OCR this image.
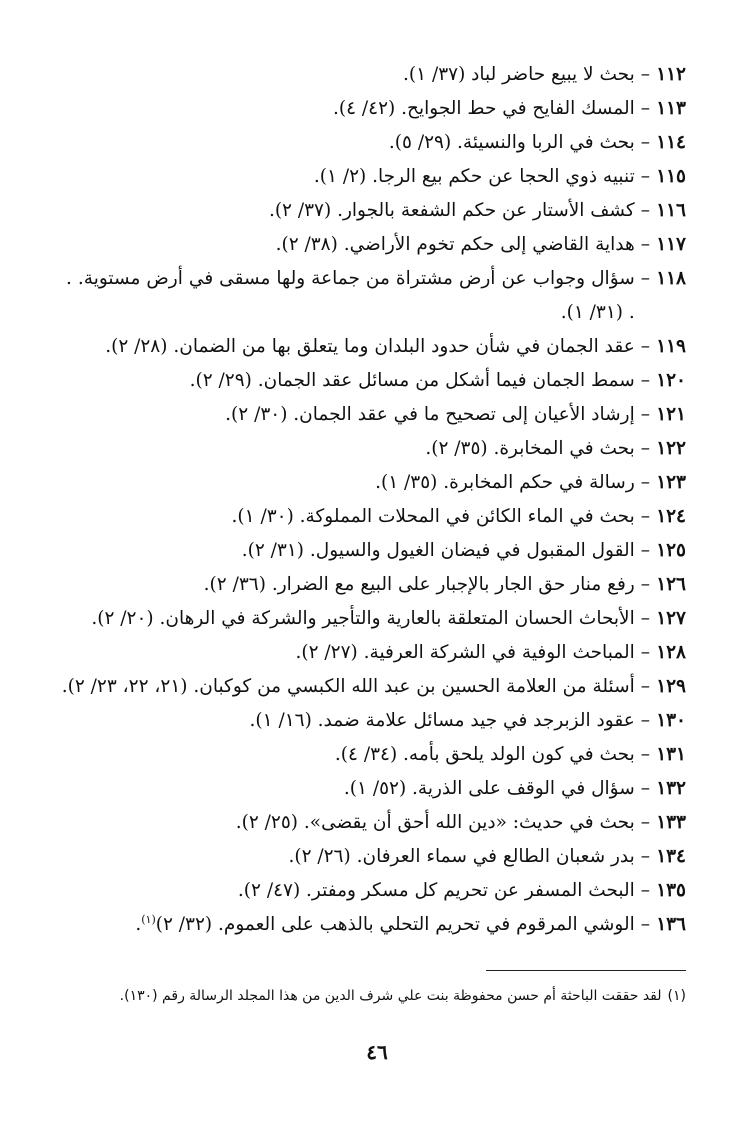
١١٢
–
بحث لا يبيع حاضر لباد (٣٧/ ١).
١١٣
–
المسك الفايح في حط الجوايح. (٤٢/ ٤).
١١٤
–
بحث في الربا والنسيئة. (٢٩/ ٥).
١١٥
–
تنبيه ذوي الحجا عن حكم بيع الرجا. (٢/ ١).
١١٦
–
كشف الأستار عن حكم الشفعة بالجوار. (٣٧/ ٢).
١١٧
–
هداية القاضي إلى حكم تخوم الأراضي. (٣٨/ ٢).
١١٨
–
سؤال وجواب عن أرض مشتراة من جماعة ولها مسقى في أرض مستوية. . . (٣١/ ١).
١١٩
–
عقد الجمان في شأن حدود البلدان وما يتعلق بها من الضمان. (٢٨/ ٢).
١٢٠
–
سمط الجمان فيما أشكل من مسائل عقد الجمان. (٢٩/ ٢).
١٢١
–
إرشاد الأعيان إلى تصحيح ما في عقد الجمان. (٣٠/ ٢).
١٢٢
–
بحث في المخابرة. (٣٥/ ٢).
١٢٣
–
رسالة في حكم المخابرة. (٣٥/ ١).
١٢٤
–
بحث في الماء الكائن في المحلات المملوكة. (٣٠/ ١).
١٢٥
–
القول المقبول في فيضان الغيول والسيول. (٣١/ ٢).
١٢٦
–
رفع منار حق الجار بالإجبار على البيع مع الضرار. (٣٦/ ٢).
١٢٧
–
الأبحاث الحسان المتعلقة بالعارية والتأجير والشركة في الرهان. (٢٠/ ٢).
١٢٨
–
المباحث الوفية في الشركة العرفية. (٢٧/ ٢).
١٢٩
–
أسئلة من العلامة الحسين بن عبد الله الكبسي من كوكبان. (٢١، ٢٢، ٢٣/ ٢).
١٣٠
–
عقود الزبرجد في جيد مسائل علامة ضمد. (١٦/ ١).
١٣١
–
بحث في كون الولد يلحق بأمه. (٣٤/ ٤).
١٣٢
–
سؤال في الوقف على الذرية. (٥٢/ ١).
١٣٣
–
بحث في حديث: «دين الله أحق أن يقضى». (٢٥/ ٢).
١٣٤
–
بدر شعبان الطالع في سماء العرفان. (٢٦/ ٢).
١٣٥
–
البحث المسفر عن تحريم كل مسكر ومفتر. (٤٧/ ٢).
١٣٦
–
الوشي المرقوم في تحريم التحلي بالذهب على العموم. (٣٢/ ٢)$^{(١)}$.
(١)لقد حققت الباحثة أم حسن محفوظة بنت علي شرف الدين من هذا المجلد الرسالة رقم (١٣٠).
٤٦
